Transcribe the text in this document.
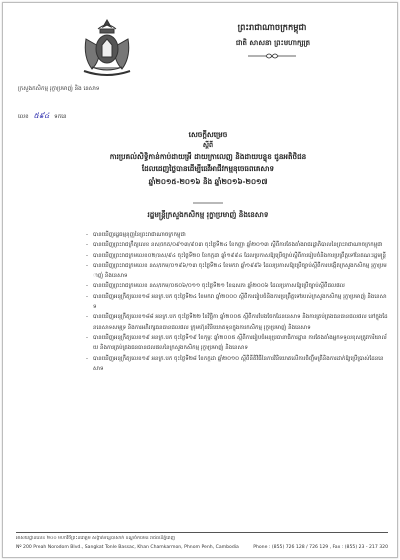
ក្រសួងកសិកម្ម រុក្ខាប្រមាញ់ និង នេសាទ
ព្រះរាជាណាចក្រកម្ពុជា
ជាតិ សាសនា ព្រះមហាក្សត្រ
លេខ ៥៩៤ ទកនេ
សេចក្ដីសម្រេច
ស្ដីពី
ការប្រគល់សិទ្ធិកាន់កាប់ដាយអ្រឹ ដាយក្រាលេញ និងដាយបន្ទុខ ជូនអតិថិជន
ដែលដេញថ្លៃបានដើម្បីធេវីអាជីវកម្មនុចេធពគេសាទ
ឆ្នាំ២០១៥-២០១៦ និង ឆ្នាំ២០១៦-២០១៧
រដ្ឋមន្ត្រីក្រសួងកសិកម្ម រុក្ខាប្រមាញ់ និងនេសាទ
- បានឃើញរដ្ឋធម្មនុញ្ញនៃព្រះរាជាណាចក្រកម្ពុជា
- បានឃើញព្រះរាជក្រឹត្យលេខ នស/រកត/០៩១៣/៩០៣ ចុះថ្ងៃទី២៤ ខែកញ្ញា ឆ្នាំ២០១៣ ស្ដីពីការតែងតាំងរាជរដ្ឋាភិបាលនៃព្រះរាជាណាចក្រកម្ពុជា
- បានឃើញព្រះរាជក្រមលេខ០២/នស/៩៤ ចុះថ្ងៃទី២០ ខែកក្កដា ឆ្នាំ១៩៩៤ ដែលប្រកាសឱ្យប្រើច្បាប់ស្ដីពីការរៀបចំនិងការប្រព្រឹត្តទៅនៃគណៈរដ្ឋមន្ត្រី
- បានឃើញព្រះរាជក្រមលេខ នស/រកម/០១៩៦/១៣ ចុះថ្ងៃទី២៤ ខែមករា ឆ្នាំ១៩៩៦ ដែលប្រកាសឱ្យប្រើច្បាប់ស្ដីពីការបង្កើតក្រសួងកសិកម្ម រុក្ខាប្រមាញ់ និងនេសាទ
- បានឃើញព្រះរាជក្រមលេខ នស/រកម/០៥០៦/០១១ ចុះថ្ងៃទី២១ ខែឧសភា ឆ្នាំ២០០៦ ដែលប្រកាសឱ្យប្រើច្បាប់ស្ដីពីជលផល
- បានឃើញអនុក្រឹត្យលេខ១៨ អនក្រ.បក ចុះថ្ងៃទី២៤ ខែមករា ឆ្នាំ២០០០ ស្ដីពីការរៀបចំនិងការប្រព្រឹត្តទៅរបស់ក្រសួងកសិកម្ម រុក្ខាប្រមាញ់ និងនេសាទ
- បានឃើញអនុក្រឹត្យលេខ១៨៨ អនក្រ.បក ចុះថ្ងៃទី២២ ខែវិច្ឆិកា ឆ្នាំ២០០៥ ស្ដីពីការបែងចែកដែននេសាទ និងការគ្រប់គ្រងធនធានជលផល នៅក្នុងដែននេសាទសមុទ្រ និងការអភិរក្សធនធានជលផល ក្រុមហ៊ុនវិនិយោគទុនក្នុងការកសិកម្ម រុក្ខាប្រមាញ់ និងនេសាទ
- បានឃើញអនុក្រឹត្យលេខ១៩ អនក្រ.បក ចុះថ្ងៃទី១៩ ខែកុម្ភៈ ឆ្នាំ២០០៥ ស្ដីពីការរៀបចំអនុប្រធានាធិការដ្ឋាន ការតែងតាំងអ្នកទទួលខុសត្រូវការិយាល័យ និងការគ្រប់គ្រងធនធានជលផលនៃក្រសួងកសិកម្ម រុក្ខាប្រមាញ់ និងនេសាទ
- បានឃើញអនុក្រឹត្យលេខ១៩ អនក្រ.បក ចុះថ្ងៃទី២៨ ខែកក្កដា ឆ្នាំ២០១០ ស្ដីពីនីតិវិធីនៃការវិនិយោគលើការចិញ្ចឹមត្រីនិងការដាក់ឱ្យប្រើប្រាស់ដែននេសាទ
អាសយដ្ឋានលេខ ២០០ មហាវិថីព្រះនរោត្តម សង្កាត់ទន្លេបាសាក់ ខណ្ឌចំការមន រាជធានីភ្នំពេញ
Nº 200 Preah Norodom Blvd., Sangkat Tonle Bassac, Khan Chamkarmon, Phnom Penh, Cambodia	Phone : (855) 726 128 / 726 129 , Fax : (855) 23 - 217 320
